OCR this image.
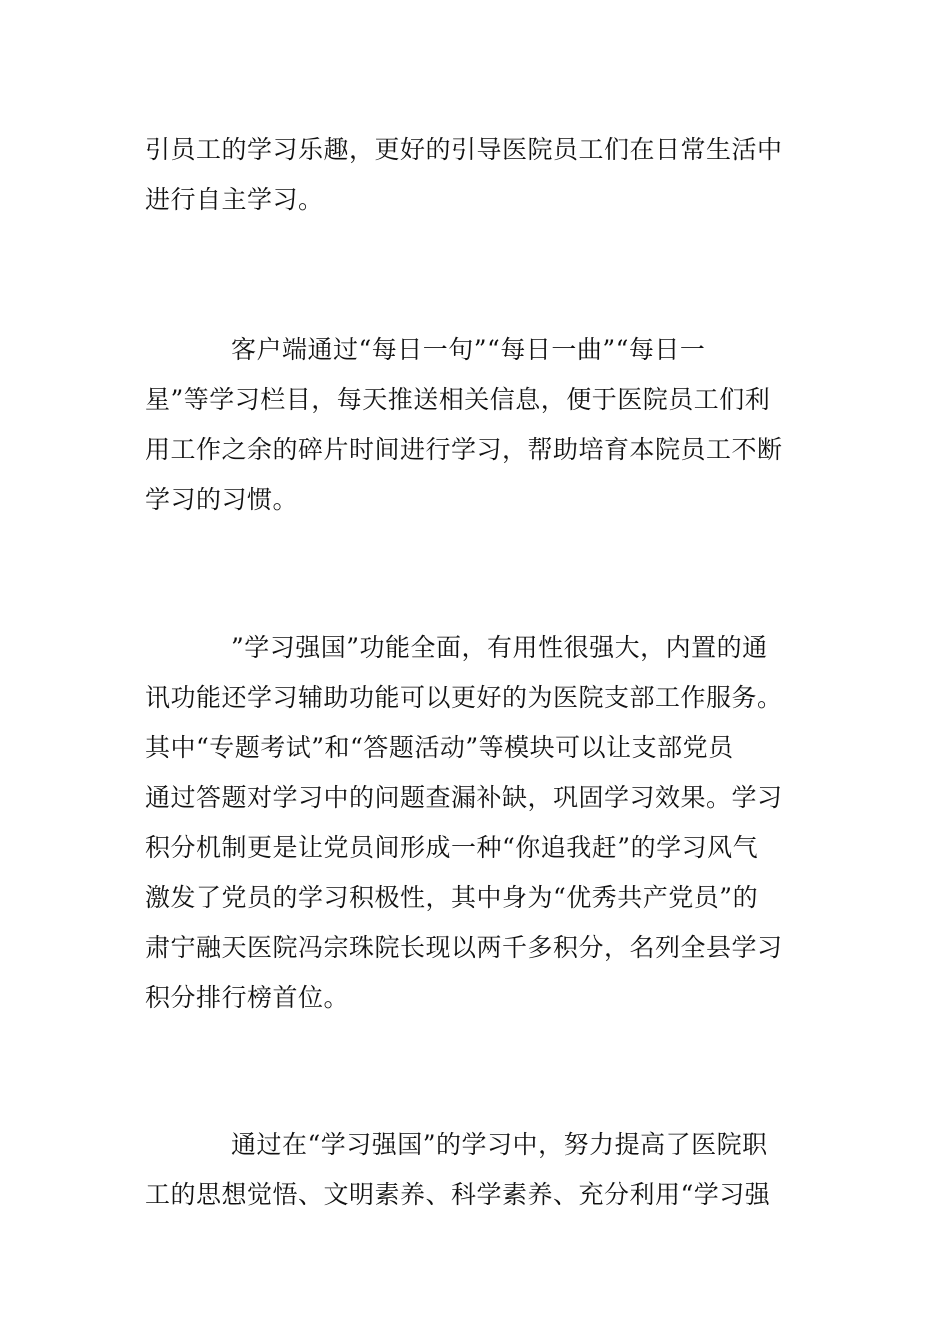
引员工的学习乐趣，更好的引导医院员工们在日常生活中
进行自主学习。

客户端通过“每日一句”“每日一曲”“每日一
星”等学习栏目，每天推送相关信息，便于医院员工们利
用工作之余的碎片时间进行学习，帮助培育本院员工不断
学习的习惯。

”学习强国”功能全面，有用性很强大，内置的通
讯功能还学习辅助功能可以更好的为医院支部工作服务。
其中“专题考试”和“答题活动”等模块可以让支部党员
通过答题对学习中的问题查漏补缺，巩固学习效果。学习
积分机制更是让党员间形成一种“你追我赶”的学习风气
激发了党员的学习积极性，其中身为“优秀共产党员”的
肃宁融天医院冯宗珠院长现以两千多积分，名列全县学习
积分排行榜首位。

通过在“学习强国”的学习中，努力提高了医院职
工的思想觉悟、文明素养、科学素养、充分利用“学习强
